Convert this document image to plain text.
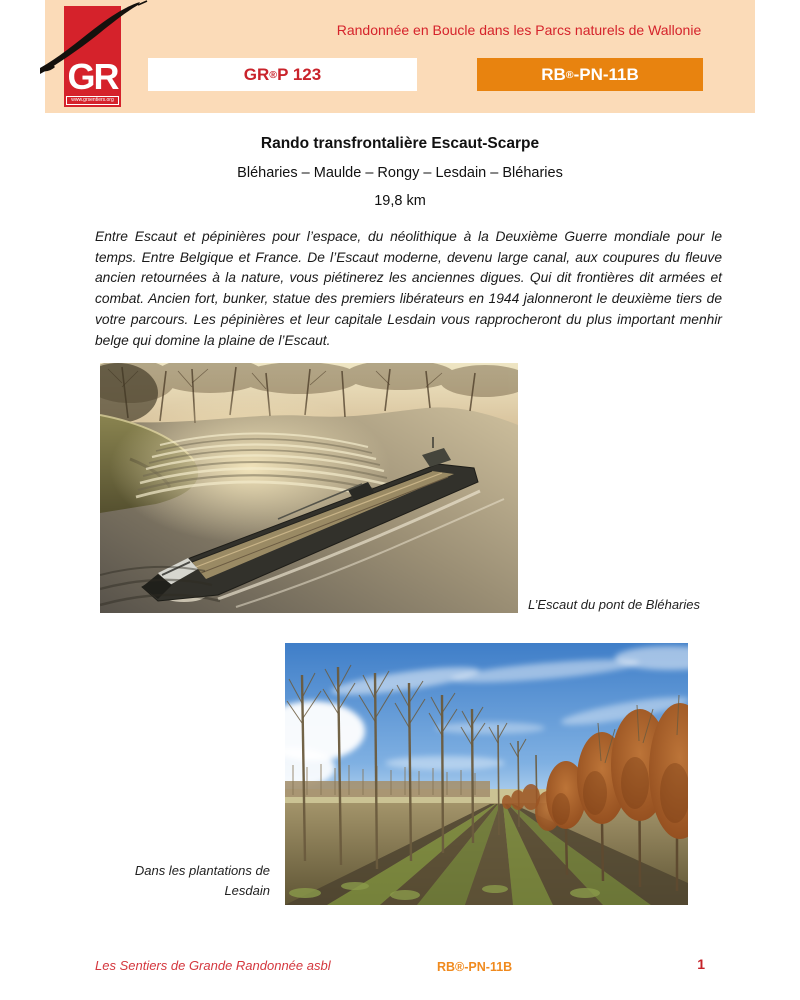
Randonnée en Boucle dans les Parcs naturels de Wallonie
GR
www.grsentiers.org
GR ® P 123	RB ® -PN-11B
Rando transfrontalière Escaut-Scarpe
Bléharies – Maulde – Rongy – Lesdain – Bléharies
19,8 km
Entre Escaut et pépinières pour l’espace, du néolithique à la Deuxième Guerre mondiale pour le temps. Entre Belgique et France. De l’Escaut moderne, devenu large canal, aux coupures du fleuve ancien retournées à la nature, vous piétinerez les anciennes digues. Qui dit frontières dit armées et combat. Ancien fort, bunker, statue des premiers libérateurs en 1944 jalonneront le deuxième tiers de votre parcours. Les pépinières et leur capitale Lesdain vous rapprocheront du plus important menhir belge qui domine la plaine de l’Escaut.
L’Escaut du pont de Bléharies
Dans les plantations de Lesdain
Les Sentiers de Grande Randonnée asbl	RB®-PN-11B	1
